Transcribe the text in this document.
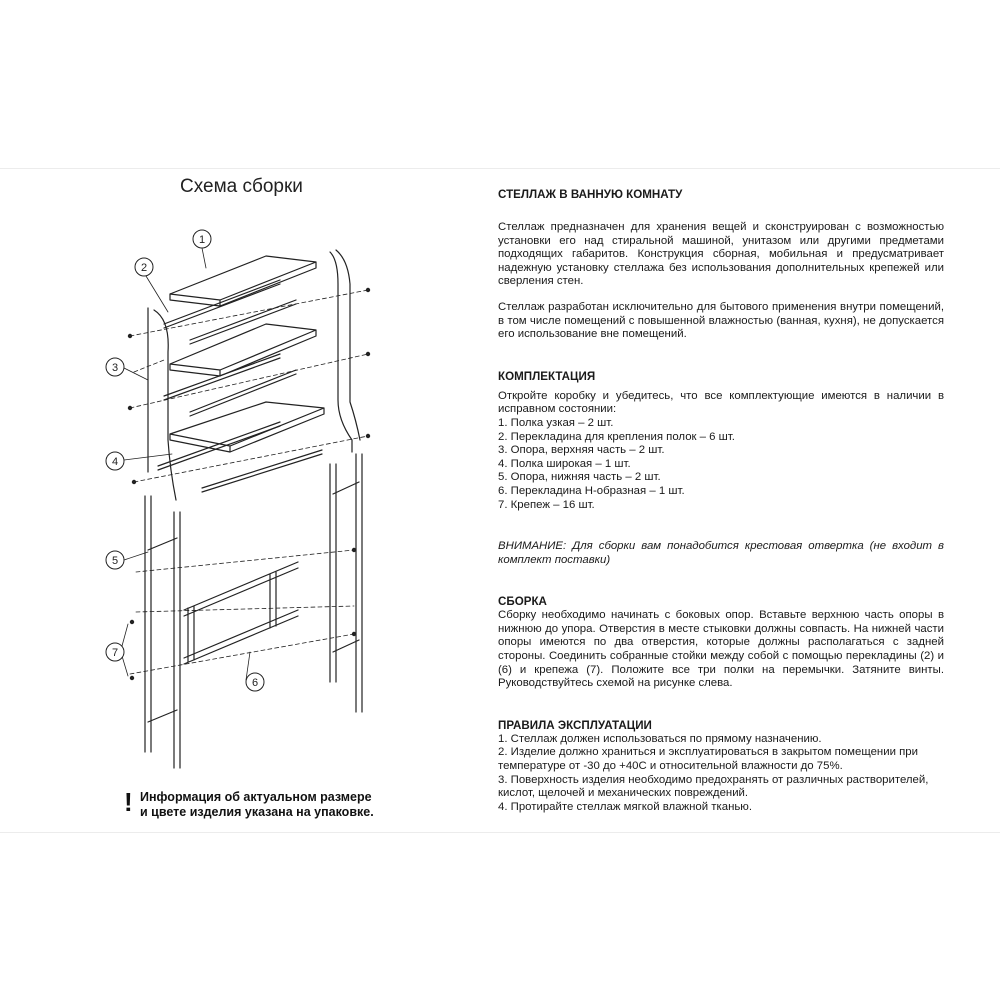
Схема сборки
1
2
3
4
5
6
7
! Информация об актуальном размере
и цвете изделия указана на упаковке.
СТЕЛЛАЖ В ВАННУЮ КОМНАТУ

Стеллаж предназначен для хранения вещей и сконструирован с возможностью установки его над стиральной машиной, унитазом или другими предметами подходящих габаритов. Конструкция сборная, мобильная и предусматривает надежную установку стеллажа без использования дополнительных крепежей или сверления стен.

Стеллаж разработан исключительно для бытового применения внутри помещений, в том числе помещений с повышенной влажностью (ванная, кухня), не допускается его использование вне помещений.

КОМПЛЕКТАЦИЯ

Откройте коробку и убедитесь, что все комплектующие имеются в наличии в исправном состоянии:

1. Полка узкая – 2 шт.
2. Перекладина для крепления полок – 6 шт.
3. Опора, верхняя часть – 2 шт.
4. Полка широкая – 1 шт.
5. Опора, нижняя часть – 2 шт.
6. Перекладина Н-образная – 1 шт.
7. Крепеж – 16 шт.

ВНИМАНИЕ: Для сборки вам понадобится крестовая отвертка (не входит в комплект поставки)

СБОРКА

Сборку необходимо начинать с боковых опор. Вставьте верхнюю часть опоры в нижнюю до упора. Отверстия в месте стыковки должны совпасть. На нижней части опоры имеются по два отверстия, которые должны располагаться с задней стороны. Соединить собранные стойки между собой с помощью перекладины (2) и (6) и крепежа (7). Положите все три полки на перемычки. Затяните винты. Руководствуйтесь схемой на рисунке слева.

ПРАВИЛА ЭКСПЛУАТАЦИИ
1. Стеллаж должен использоваться по прямому назначению.
2. Изделие должно храниться и эксплуатироваться в закрытом помещении при температуре от -30 до +40С и относительной влажности до 75%.
3. Поверхность изделия необходимо предохранять от различных растворителей, кислот, щелочей и механических повреждений.
4. Протирайте стеллаж мягкой влажной тканью.
